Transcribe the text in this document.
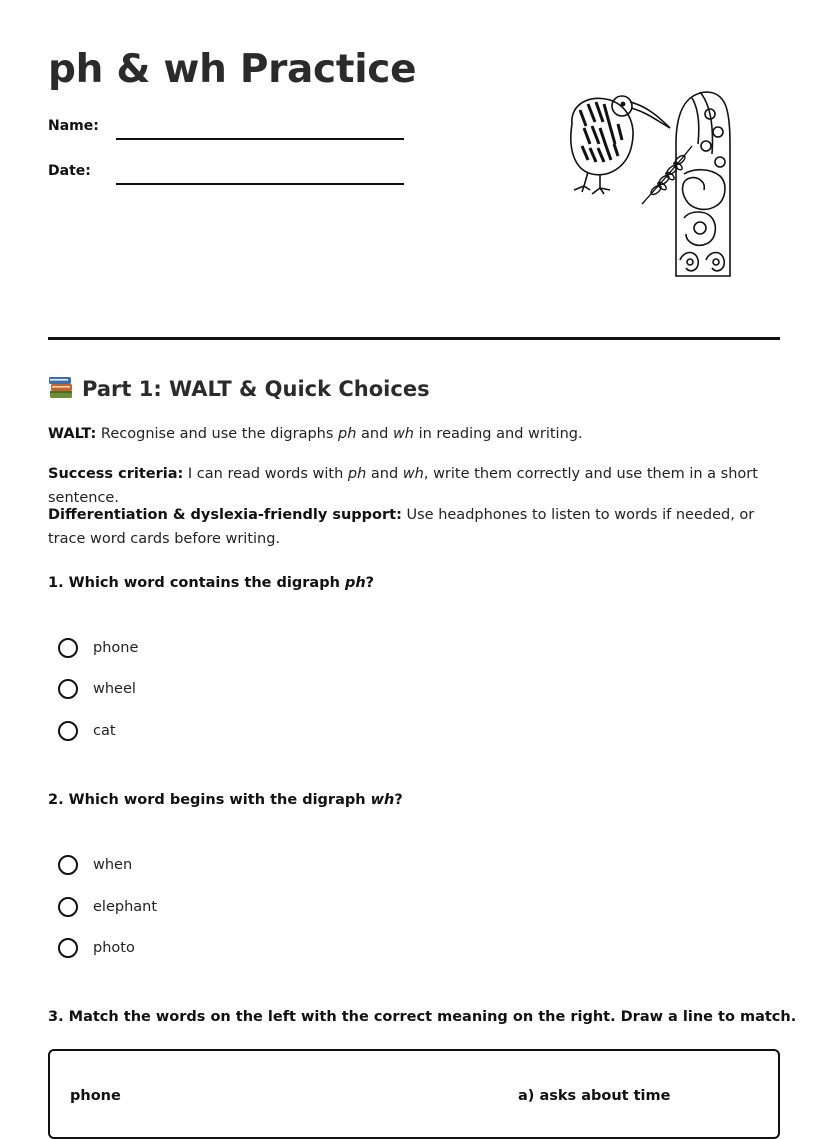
ph & wh Practice
Name:
Date:
Part 1: WALT & Quick Choices

WALT: Recognise and use the digraphs ph and wh in reading and writing.

Success criteria: I can read words with ph and wh, write them correctly and use them in a short sentence.

Differentiation & dyslexia-friendly support: Use headphones to listen to words if needed, or trace word cards before writing.

1. Which word contains the digraph ph?

phone
wheel
cat

2. Which word begins with the digraph wh?

when
elephant
photo

3. Match the words on the left with the correct meaning on the right. Draw a line to match.

phone	a) asks about time
